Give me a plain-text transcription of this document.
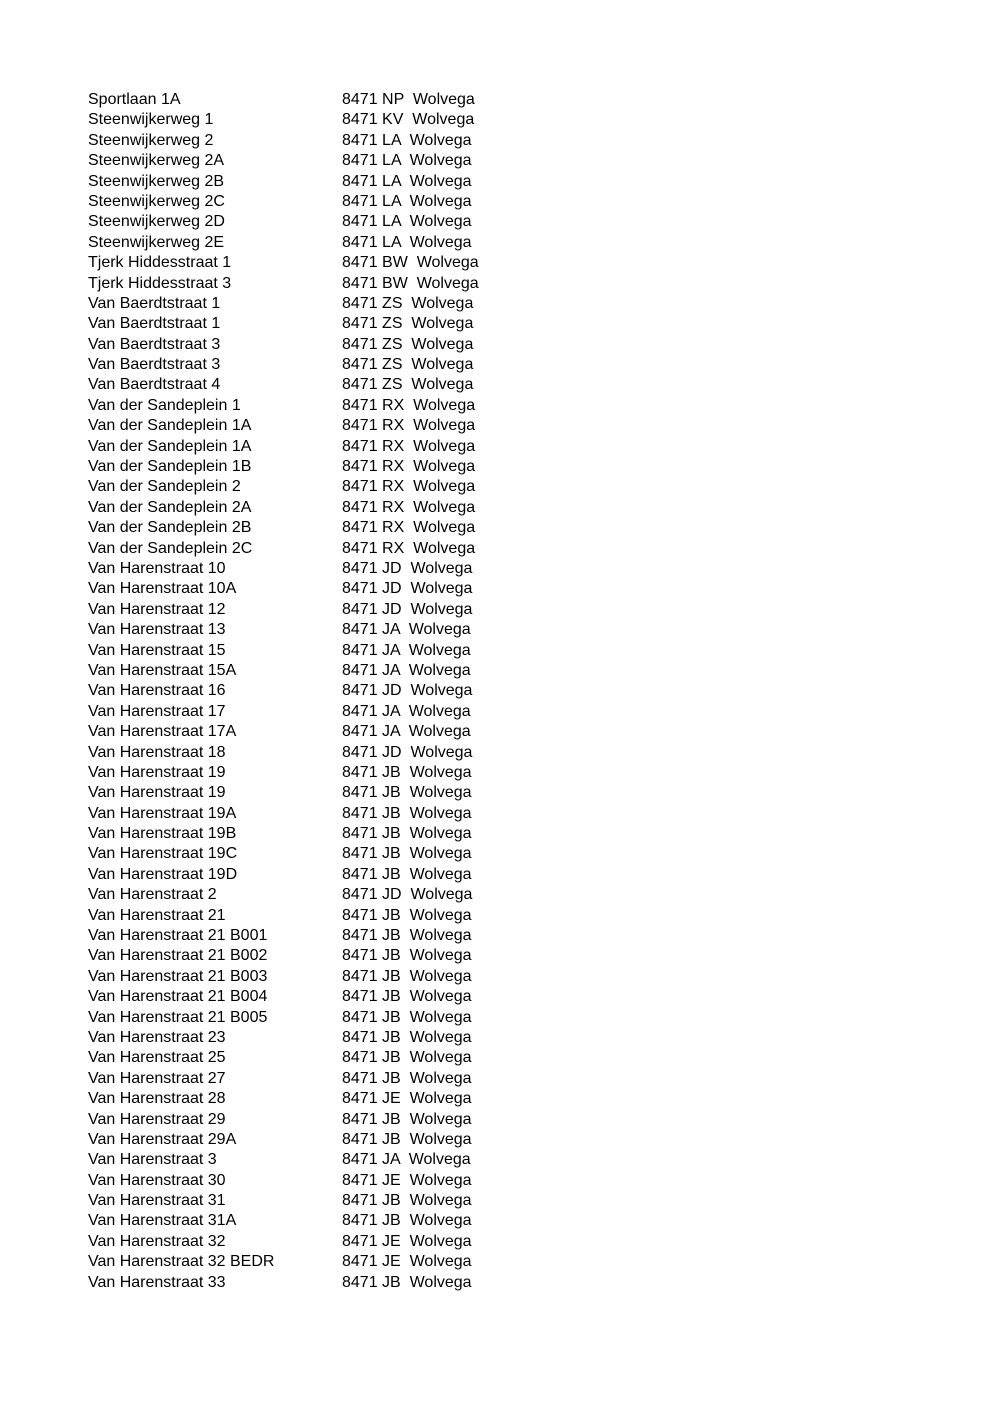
Sportlaan 1A	8471 NP  Wolvega
Steenwijkerweg 1	8471 KV  Wolvega
Steenwijkerweg 2	8471 LA  Wolvega
Steenwijkerweg 2A	8471 LA  Wolvega
Steenwijkerweg 2B	8471 LA  Wolvega
Steenwijkerweg 2C	8471 LA  Wolvega
Steenwijkerweg 2D	8471 LA  Wolvega
Steenwijkerweg 2E	8471 LA  Wolvega
Tjerk Hiddesstraat 1	8471 BW  Wolvega
Tjerk Hiddesstraat 3	8471 BW  Wolvega
Van Baerdtstraat 1	8471 ZS  Wolvega
Van Baerdtstraat 1	8471 ZS  Wolvega
Van Baerdtstraat 3	8471 ZS  Wolvega
Van Baerdtstraat 3	8471 ZS  Wolvega
Van Baerdtstraat 4	8471 ZS  Wolvega
Van der Sandeplein 1	8471 RX  Wolvega
Van der Sandeplein 1A	8471 RX  Wolvega
Van der Sandeplein 1A	8471 RX  Wolvega
Van der Sandeplein 1B	8471 RX  Wolvega
Van der Sandeplein 2	8471 RX  Wolvega
Van der Sandeplein 2A	8471 RX  Wolvega
Van der Sandeplein 2B	8471 RX  Wolvega
Van der Sandeplein 2C	8471 RX  Wolvega
Van Harenstraat 10	8471 JD  Wolvega
Van Harenstraat 10A	8471 JD  Wolvega
Van Harenstraat 12	8471 JD  Wolvega
Van Harenstraat 13	8471 JA  Wolvega
Van Harenstraat 15	8471 JA  Wolvega
Van Harenstraat 15A	8471 JA  Wolvega
Van Harenstraat 16	8471 JD  Wolvega
Van Harenstraat 17	8471 JA  Wolvega
Van Harenstraat 17A	8471 JA  Wolvega
Van Harenstraat 18	8471 JD  Wolvega
Van Harenstraat 19	8471 JB  Wolvega
Van Harenstraat 19	8471 JB  Wolvega
Van Harenstraat 19A	8471 JB  Wolvega
Van Harenstraat 19B	8471 JB  Wolvega
Van Harenstraat 19C	8471 JB  Wolvega
Van Harenstraat 19D	8471 JB  Wolvega
Van Harenstraat 2	8471 JD  Wolvega
Van Harenstraat 21	8471 JB  Wolvega
Van Harenstraat 21 B001	8471 JB  Wolvega
Van Harenstraat 21 B002	8471 JB  Wolvega
Van Harenstraat 21 B003	8471 JB  Wolvega
Van Harenstraat 21 B004	8471 JB  Wolvega
Van Harenstraat 21 B005	8471 JB  Wolvega
Van Harenstraat 23	8471 JB  Wolvega
Van Harenstraat 25	8471 JB  Wolvega
Van Harenstraat 27	8471 JB  Wolvega
Van Harenstraat 28	8471 JE  Wolvega
Van Harenstraat 29	8471 JB  Wolvega
Van Harenstraat 29A	8471 JB  Wolvega
Van Harenstraat 3	8471 JA  Wolvega
Van Harenstraat 30	8471 JE  Wolvega
Van Harenstraat 31	8471 JB  Wolvega
Van Harenstraat 31A	8471 JB  Wolvega
Van Harenstraat 32	8471 JE  Wolvega
Van Harenstraat 32 BEDR	8471 JE  Wolvega
Van Harenstraat 33	8471 JB  Wolvega
